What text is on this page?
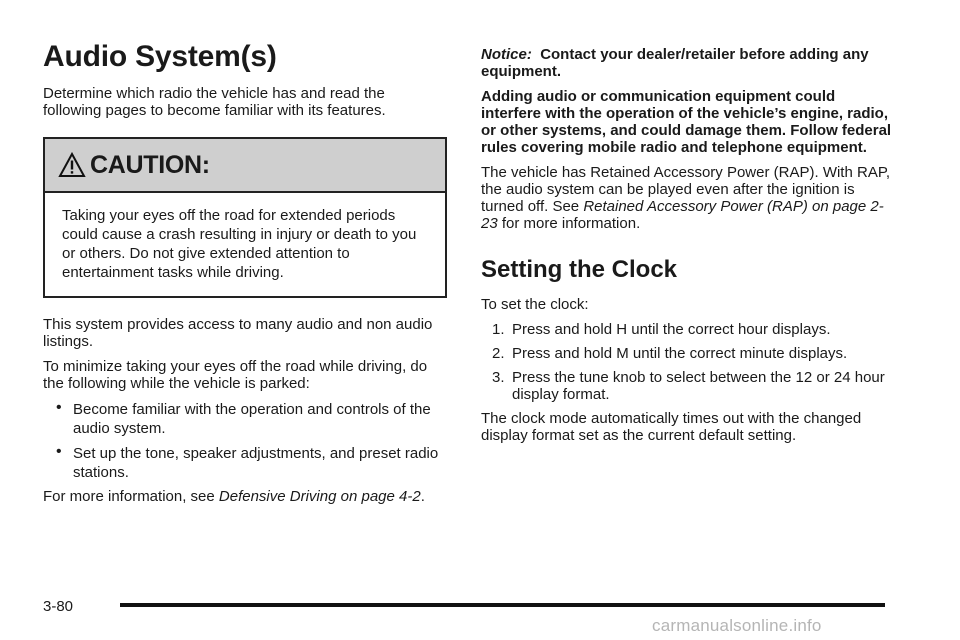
Audio System(s)

Determine which radio the vehicle has and read the following pages to become familiar with its features.

CAUTION:
Taking your eyes off the road for extended periods could cause a crash resulting in injury or death to you or others. Do not give extended attention to entertainment tasks while driving.

This system provides access to many audio and non audio listings.

To minimize taking your eyes off the road while driving, do the following while the vehicle is parked:

• Become familiar with the operation and controls of the audio system.
• Set up the tone, speaker adjustments, and preset radio stations.

For more information, see Defensive Driving on page 4-2.

Notice: Contact your dealer/retailer before adding any equipment.

Adding audio or communication equipment could interfere with the operation of the vehicle’s engine, radio, or other systems, and could damage them. Follow federal rules covering mobile radio and telephone equipment.

The vehicle has Retained Accessory Power (RAP). With RAP, the audio system can be played even after the ignition is turned off. See Retained Accessory Power (RAP) on page 2-23 for more information.

Setting the Clock

To set the clock:

1. Press and hold H until the correct hour displays.
2. Press and hold M until the correct minute displays.
3. Press the tune knob to select between the 12 or 24 hour display format.

The clock mode automatically times out with the changed display format set as the current default setting.

3-80
carmanualsonline.info
